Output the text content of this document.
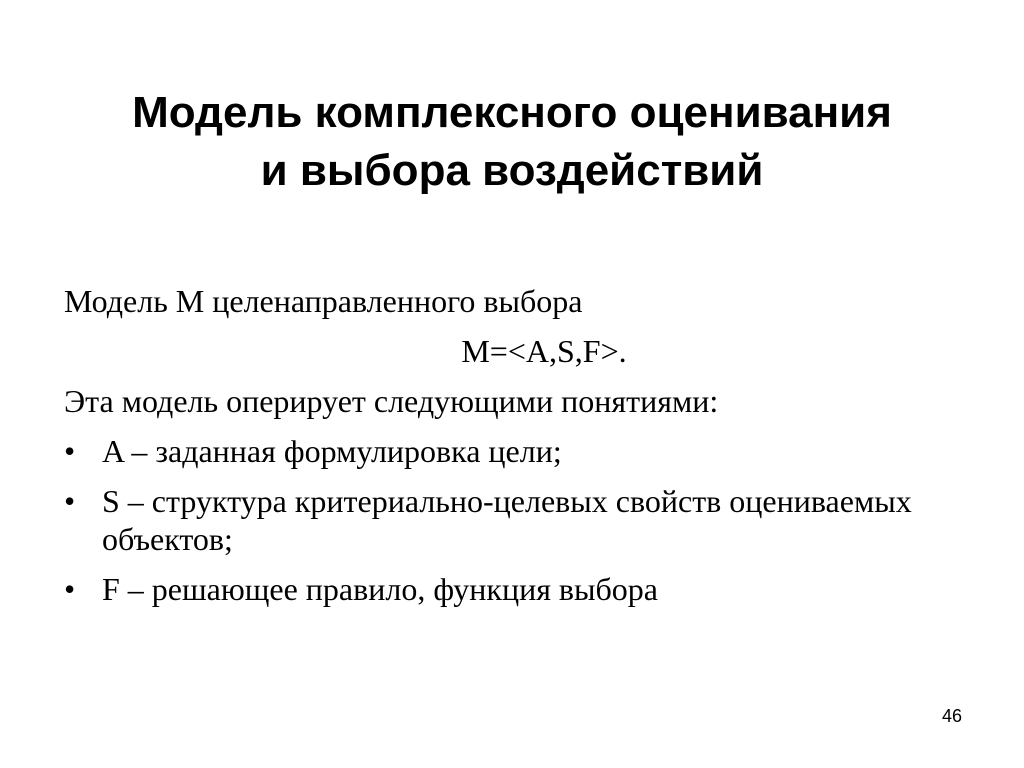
Модель комплексного оценивания
и выбора воздействий
Модель М целенаправленного выбора
M=<A,S,F>.
Эта модель оперирует следующими понятиями:
• A – заданная формулировка цели;
• S – структура критериально-целевых свойств оцениваемых объектов;
• F – решающее правило, функция выбора
46
